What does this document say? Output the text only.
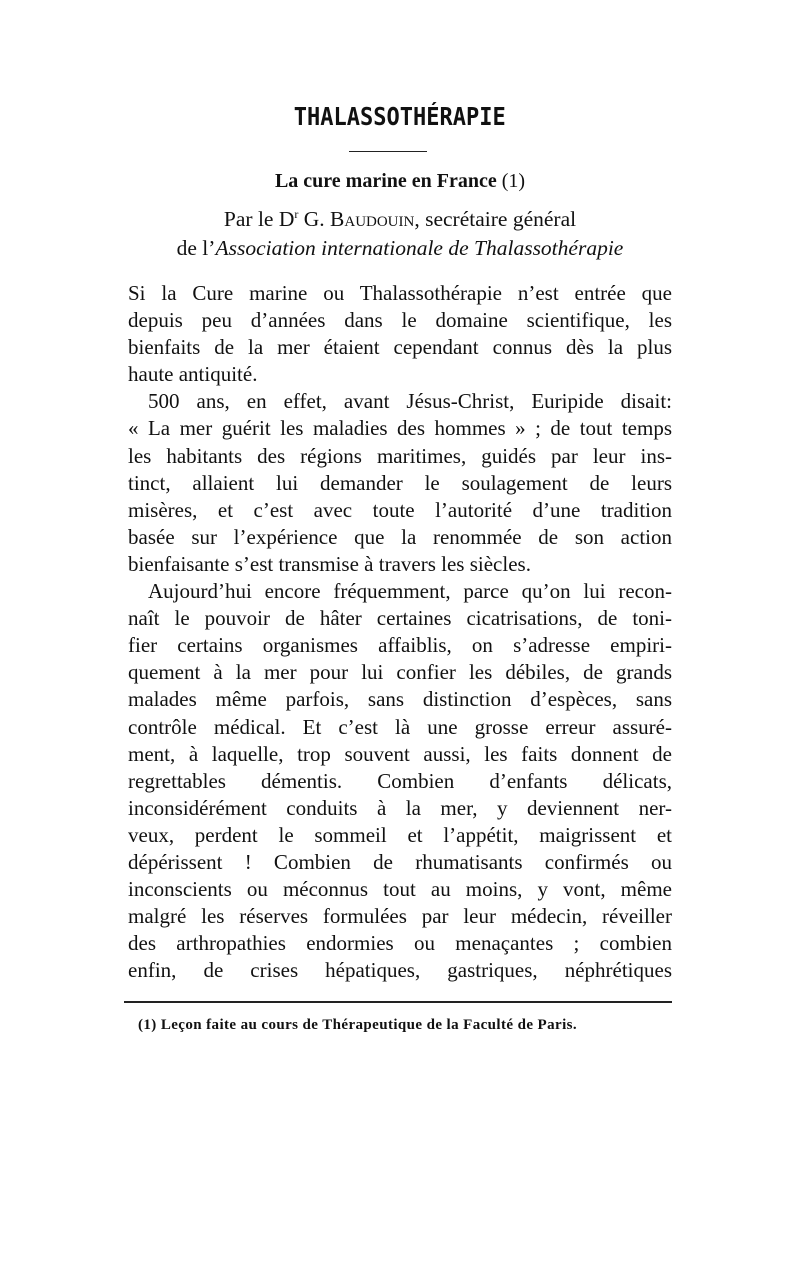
THALASSOTHÉRAPIE
La cure marine en France (1)
Par le $D^r$ G. Baudouin, secrétaire général
de l’Association internationale de Thalassothérapie
Si la Cure marine ou Thalassothérapie n’est entrée que
depuis peu d’années dans le domaine scientifique, les
bienfaits de la mer étaient cependant connus dès la plus
haute antiquité.
500 ans, en effet, avant Jésus-Christ, Euripide disait:
« La mer guérit les maladies des hommes » ; de tout temps
les habitants des régions maritimes, guidés par leur ins-
tinct, allaient lui demander le soulagement de leurs
misères, et c’est avec toute l’autorité d’une tradition
basée sur l’expérience que la renommée de son action
bienfaisante s’est transmise à travers les siècles.
Aujourd’hui encore fréquemment, parce qu’on lui recon-
naît le pouvoir de hâter certaines cicatrisations, de toni-
fier certains organismes affaiblis, on s’adresse empiri-
quement à la mer pour lui confier les débiles, de grands
malades même parfois, sans distinction d’espèces, sans
contrôle médical. Et c’est là une grosse erreur assuré-
ment, à laquelle, trop souvent aussi, les faits donnent de
regrettables démentis. Combien d’enfants délicats,
inconsidérément conduits à la mer, y deviennent ner-
veux, perdent le sommeil et l’appétit, maigrissent et
dépérissent ! Combien de rhumatisants confirmés ou
inconscients ou méconnus tout au moins, y vont, même
malgré les réserves formulées par leur médecin, réveiller
des arthropathies endormies ou menaçantes ; combien
enfin, de crises hépatiques, gastriques, néphrétiques
(1) Leçon faite au cours de Thérapeutique de la Faculté de Paris.
